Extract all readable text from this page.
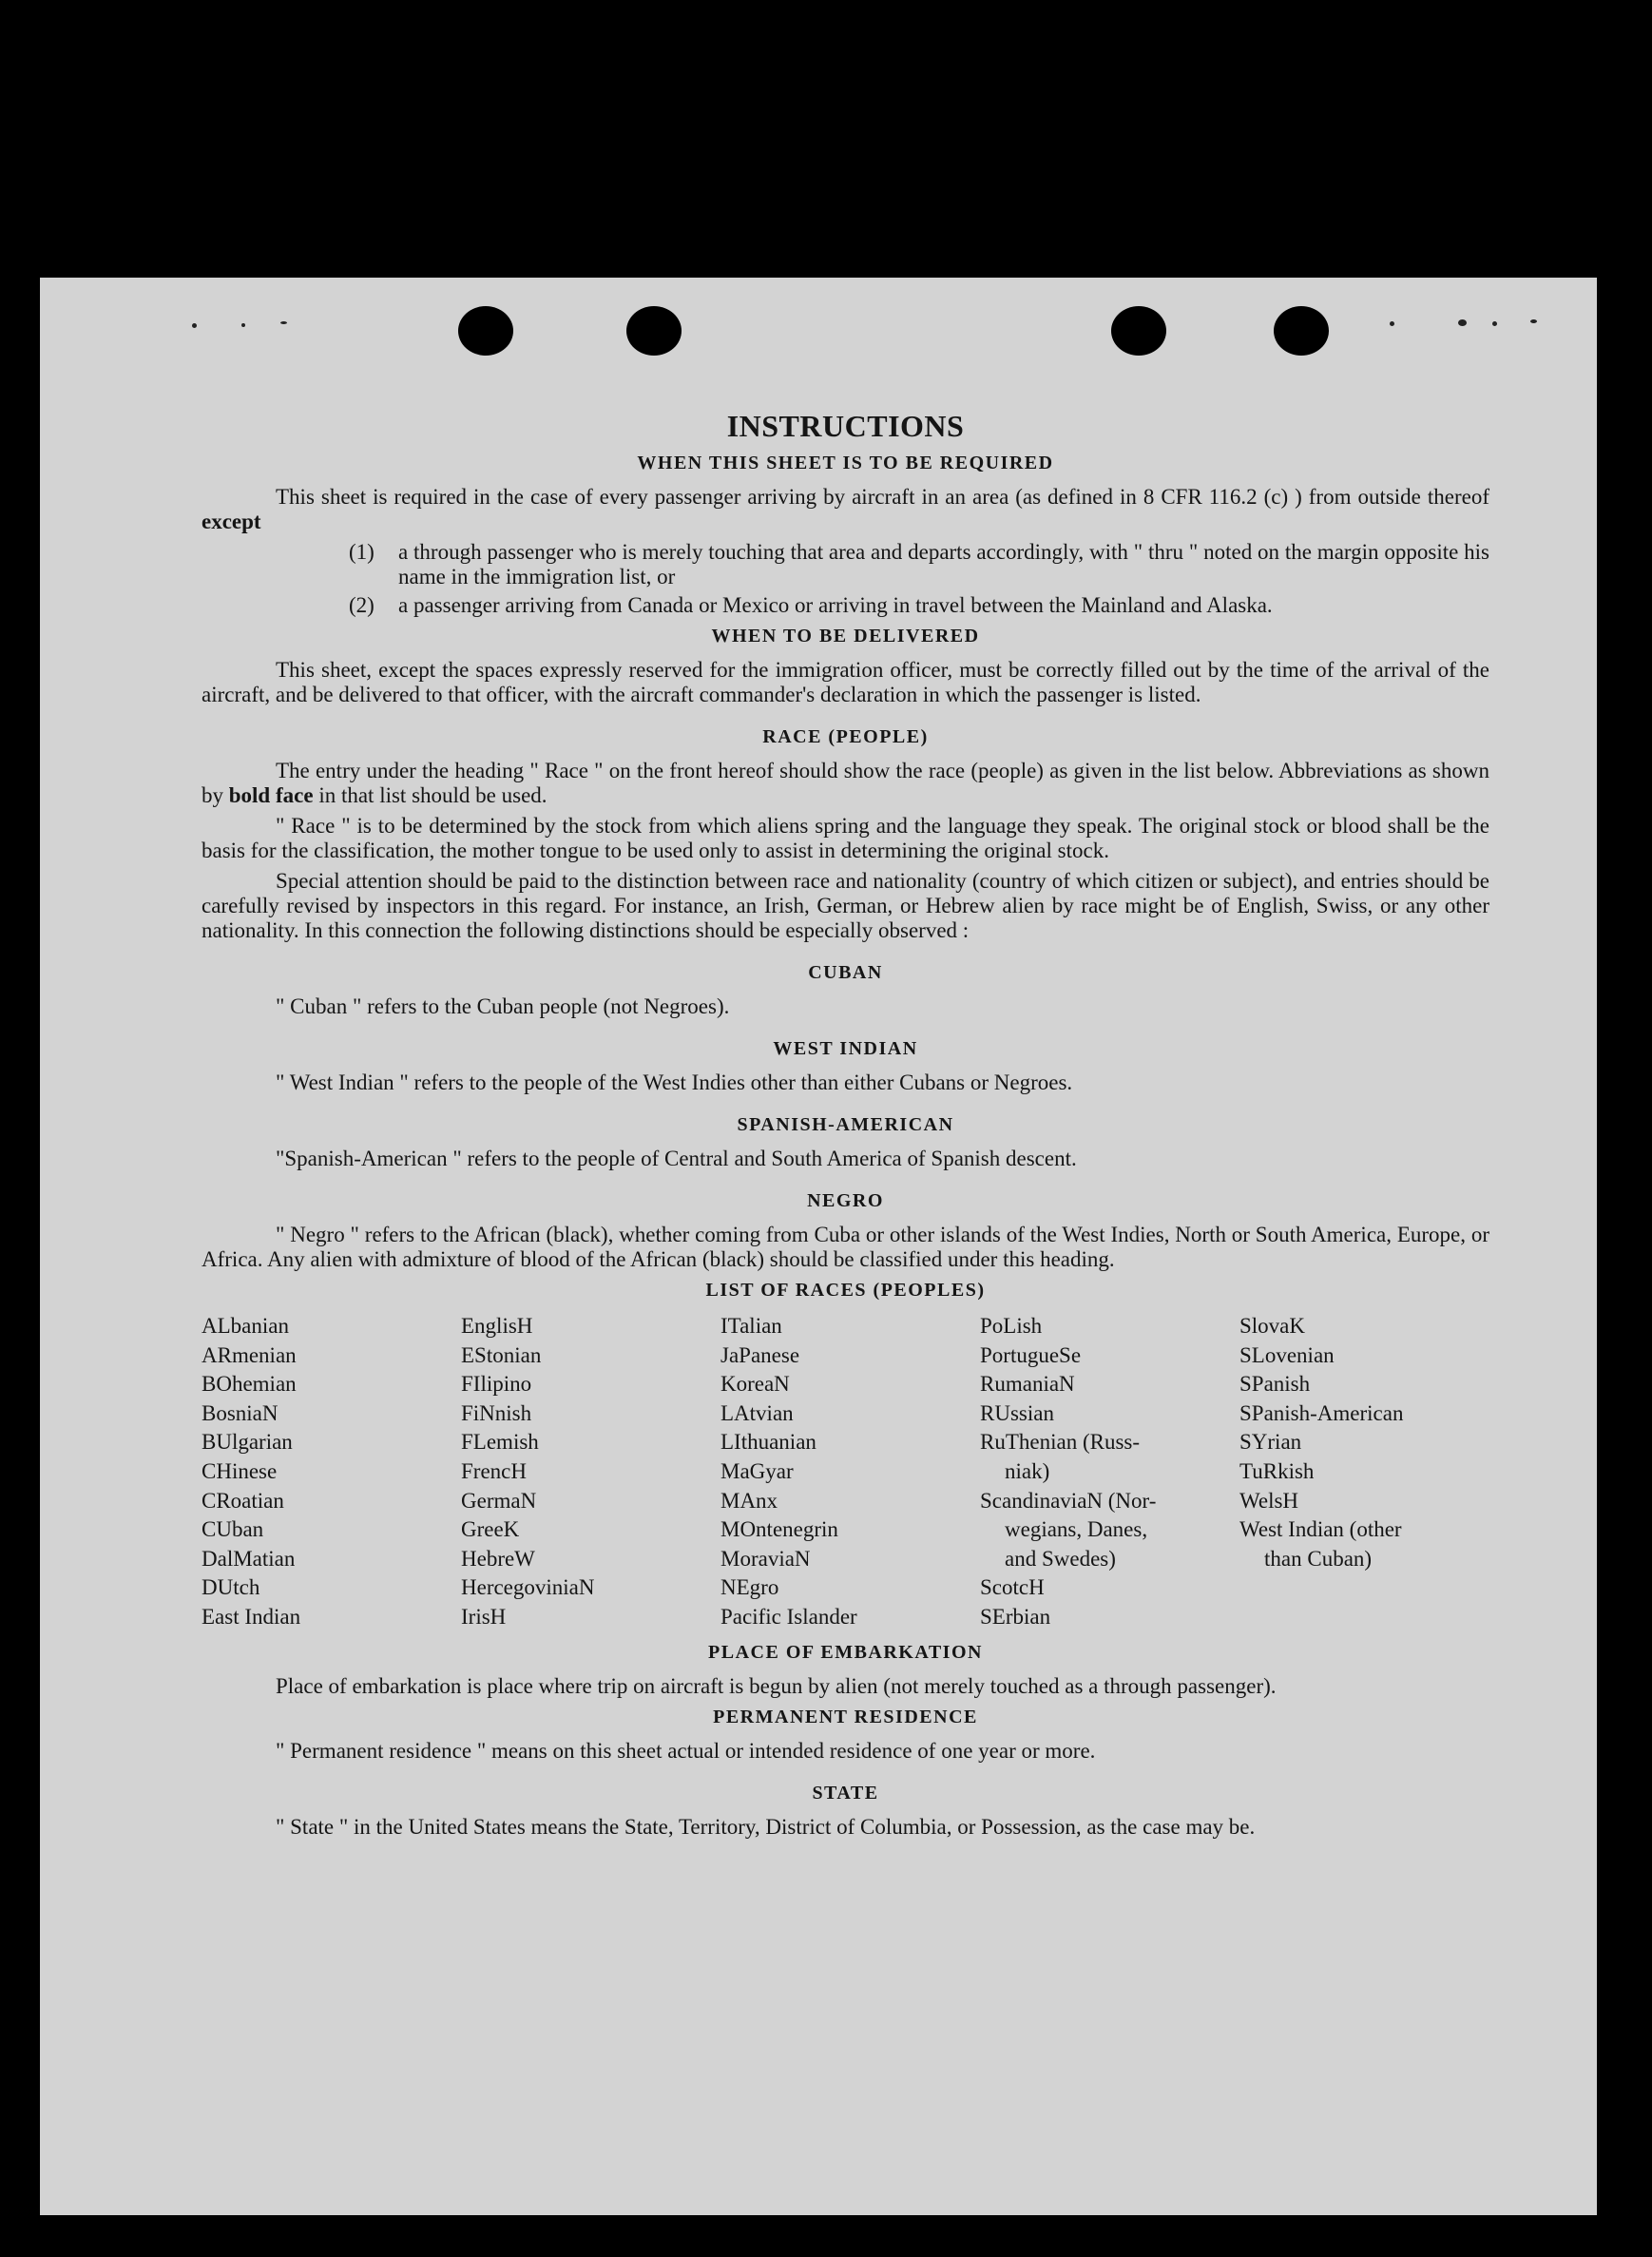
INSTRUCTIONS
WHEN THIS SHEET IS TO BE REQUIRED

This sheet is required in the case of every passenger arriving by aircraft in an area (as defined in 8 CFR 116.2 (c) ) from outside thereof except

(1)	a through passenger who is merely touching that area and departs accordingly, with " thru " noted on the margin opposite his name in the immigration list, or
(2)	a passenger arriving from Canada or Mexico or arriving in travel between the Mainland and Alaska.
WHEN TO BE DELIVERED

This sheet, except the spaces expressly reserved for the immigration officer, must be correctly filled out by the time of the arrival of the aircraft, and be delivered to that officer, with the aircraft commander's declaration in which the passenger is listed.

RACE (PEOPLE)

The entry under the heading " Race " on the front hereof should show the race (people) as given in the list below. Abbreviations as shown by bold face in that list should be used.

" Race " is to be determined by the stock from which aliens spring and the language they speak. The original stock or blood shall be the basis for the classification, the mother tongue to be used only to assist in determining the original stock.

Special attention should be paid to the distinction between race and nationality (country of which citizen or subject), and entries should be carefully revised by inspectors in this regard. For instance, an Irish, German, or Hebrew alien by race might be of English, Swiss, or any other nationality. In this connection the following distinctions should be especially observed :

CUBAN

" Cuban " refers to the Cuban people (not Negroes).

WEST INDIAN

" West Indian " refers to the people of the West Indies other than either Cubans or Negroes.

SPANISH-AMERICAN

"Spanish-American " refers to the people of Central and South America of Spanish descent.

NEGRO

" Negro " refers to the African (black), whether coming from Cuba or other islands of the West Indies, North or South America, Europe, or Africa. Any alien with admixture of blood of the African (black) should be classified under this heading.

LIST OF RACES (PEOPLES)
ALbanian
ARmenian
BOhemian
BosniaN
BUlgarian
CHinese
CRoatian
CUban
DalMatian
DUtch
East Indian
EnglisH
EStonian
FIlipino
FiNnish
FLemish
FrencH
GermaN
GreeK
HebreW
HercegoviniaN
IrisH
ITalian
JaPanese
KoreaN
LAtvian
LIthuanian
MaGyar
MAnx
MOntenegrin
MoraviaN
NEgro
Pacific Islander
PoLish
PortugueSe
RumaniaN
RUssian
RuThenian (Russ-
niak)
ScandinaviaN (Nor-
wegians, Danes,
and Swedes)
ScotcH
SErbian
SlovaK
SLovenian
SPanish
SPanish-American
SYrian
TuRkish
WelsH
West Indian (other
than Cuban)
PLACE OF EMBARKATION

Place of embarkation is place where trip on aircraft is begun by alien (not merely touched as a through passenger).

PERMANENT RESIDENCE

" Permanent residence " means on this sheet actual or intended residence of one year or more.

STATE

" State " in the United States means the State, Territory, District of Columbia, or Possession, as the case may be.
